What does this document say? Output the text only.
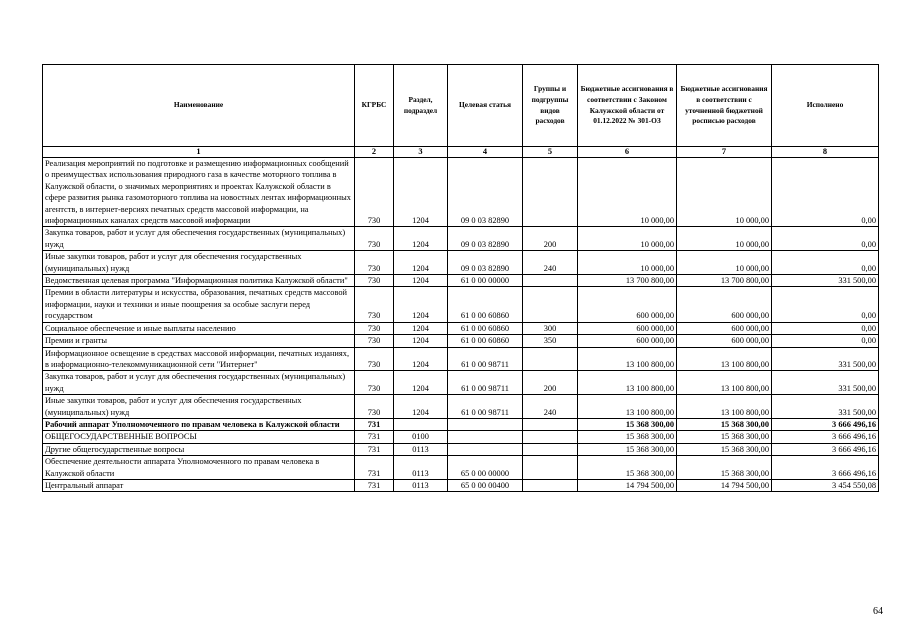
Наименование	КГРБС	Раздел, подраздел	Целевая статья	Группы и подгруппы видов расходов	Бюджетные ассигнования в соответствии с Законом Калужской области от 01.12.2022 № 301-ОЗ	Бюджетные ассигнования в соответствии с уточненной бюджетной росписью расходов	Исполнено
1	2	3	4	5	6	7	8
Реализация мероприятий по подготовке и размещению информационных сообщений о преимуществах использования природного газа в качестве моторного топлива в Калужской области, о значимых мероприятиях и проектах Калужской области в сфере развития рынка газомоторного топлива на новостных лентах информационных агентств, в интернет-версиях печатных средств массовой информации, на информационных каналах средств массовой информации	730	1204	09 0 03 82890		10 000,00	10 000,00	0,00
Закупка товаров, работ и услуг для обеспечения государственных (муниципальных) нужд	730	1204	09 0 03 82890	200	10 000,00	10 000,00	0,00
Иные закупки товаров, работ и услуг для обеспечения государственных (муниципальных) нужд	730	1204	09 0 03 82890	240	10 000,00	10 000,00	0,00
Ведомственная целевая программа "Информационная политика Калужской области"	730	1204	61 0 00 00000		13 700 800,00	13 700 800,00	331 500,00
Премии в области литературы и искусства, образования, печатных средств массовой информации, науки и техники и иные поощрения за особые заслуги перед государством	730	1204	61 0 00 60860		600 000,00	600 000,00	0,00
Социальное обеспечение и иные выплаты населению	730	1204	61 0 00 60860	300	600 000,00	600 000,00	0,00
Премии и гранты	730	1204	61 0 00 60860	350	600 000,00	600 000,00	0,00
Информационное освещение в средствах массовой информации, печатных изданиях, в информационно-телекоммуникационной сети "Интернет"	730	1204	61 0 00 98711		13 100 800,00	13 100 800,00	331 500,00
Закупка товаров, работ и услуг для обеспечения государственных (муниципальных) нужд	730	1204	61 0 00 98711	200	13 100 800,00	13 100 800,00	331 500,00
Иные закупки товаров, работ и услуг для обеспечения государственных (муниципальных) нужд	730	1204	61 0 00 98711	240	13 100 800,00	13 100 800,00	331 500,00
Рабочий аппарат Уполномоченного по правам человека в Калужской области	731				15 368 300,00	15 368 300,00	3 666 496,16
ОБЩЕГОСУДАРСТВЕННЫЕ ВОПРОСЫ	731	0100			15 368 300,00	15 368 300,00	3 666 496,16
Другие общегосударственные вопросы	731	0113			15 368 300,00	15 368 300,00	3 666 496,16
Обеспечение деятельности аппарата Уполномоченного по правам человека в Калужской области	731	0113	65 0 00 00000		15 368 300,00	15 368 300,00	3 666 496,16
Центральный аппарат	731	0113	65 0 00 00400		14 794 500,00	14 794 500,00	3 454 550,08
64
